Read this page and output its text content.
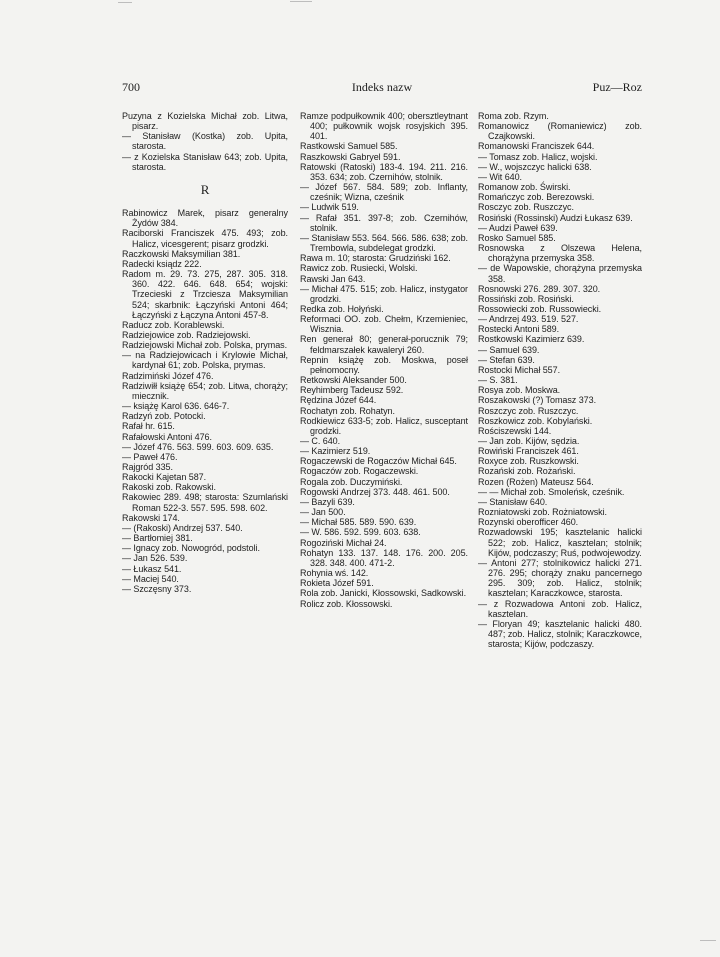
700	Indeks nazw	Puz—Roz

Puzyna z Kozielska Michał zob. Litwa, pisarz.

— Stanisław (Kostka) zob. Upita, starosta.

— z Kozielska Stanisław 643; zob. Upita, starosta.

R

Rabinowicz Marek, pisarz generalny Żydów 384.

Raciborski Franciszek 475. 493; zob. Halicz, vicesgerent; pisarz grodzki.

Raczkowski Maksymilian 381.

Radecki ksiądz 222.

Radom m. 29. 73. 275, 287. 305. 318. 360. 422. 646. 648. 654; wojski: Trzecieski z Trzciesza Maksymilian 524; skarbnik: Łączyński Antoni 464; Łączyński z Łączyna Antoni 457-8.

Raducz zob. Korablewski.

Radziejowice zob. Radziejowski.

Radziejowski Michał zob. Polska, prymas.

— na Radziejowicach i Krylowie Michał, kardynał 61; zob. Polska, prymas.

Radzimiński Józef 476.

Radziwiłł książę 654; zob. Litwa, chorąży; miecznik.

— książę Karol 636. 646-7.

Radzyń zob. Potocki.

Rafał hr. 615.

Rafałowski Antoni 476.

— Józef 476. 563. 599. 603. 609. 635.

— Paweł 476.

Rajgród 335.

Rakocki Kajetan 587.

Rakoski zob. Rakowski.

Rakowiec 289. 498; starosta: Szumlański Roman 522-3. 557. 595. 598. 602.

Rakowski 174.

— (Rakoski) Andrzej 537. 540.

— Bartłomiej 381.

— Ignacy zob. Nowogród, podstoli.

— Jan 526. 539.

— Łukasz 541.

— Maciej 540.

— Szczęsny 373.

Ramze podpułkownik 400; obersztleytnant 400; pułkownik wojsk rosyjskich 395. 401.

Rastkowski Samuel 585.

Raszkowski Gabryel 591.

Ratowski (Ratoski) 183-4. 194. 211. 216. 353. 634; zob. Czernihów, stolnik.

— Józef 567. 584. 589; zob. Inflanty, cześnik; Wizna, cześnik

— Ludwik 519.

— Rafał 351. 397-8; zob. Czernihów, stolnik.

— Stanisław 553. 564. 566. 586. 638; zob. Trembowla, subdelegat grodzki.

Rawa m. 10; starosta: Grudziński 162.

Rawicz zob. Rusiecki, Wolski.

Rawski Jan 643.

— Michał 475. 515; zob. Halicz, instygator grodzki.

Redka zob. Hołyński.

Reformaci OO. zob. Chełm, Krzemieniec, Wisznia.

Ren generał 80; generał-porucznik 79; feldmarszałek kawaleryi 260.

Repnin książę zob. Moskwa, poseł pełnomocny.

Retkowski Aleksander 500.

Reyhimberg Tadeusz 592.

Rędzina Józef 644.

Rochatyn zob. Rohatyn.

Rodkiewicz 633-5; zob. Halicz, susceptant grodzki.

— C. 640.

— Kazimierz 519.

Rogaczewski de Rogaczów Michał 645.

Rogaczów zob. Rogaczewski.

Rogala zob. Duczymiński.

Rogowski Andrzej 373. 448. 461. 500.

— Bazyli 639.

— Jan 500.

— Michał 585. 589. 590. 639.

— W. 586. 592. 599. 603. 638.

Rogoziński Michał 24.

Rohatyn 133. 137. 148. 176. 200. 205. 328. 348. 400. 471-2.

Rohynia wś. 142.

Rokieta Józef 591.

Rola zob. Janicki, Kłossowski, Sadkowski.

Rolicz zob. Kłossowski.

Roma zob. Rzym.

Romanowicz (Romaniewicz) zob. Czajkowski.

Romanowski Franciszek 644.

— Tomasz zob. Halicz, wojski.

— W., wojszczyc halicki 638.

— Wit 640.

Romanow zob. Świrski.

Romańczyc zob. Berezowski.

Rosczyc zob. Ruszczyc.

Rosiński (Rossinski) Audzi Łukasz 639.

— Audzi Paweł 639.

Rosko Samuel 585.

Rosnowska z Olszewa Helena, chorążyna przemyska 358.

— de Wapowskie, chorążyna przemyska 358.

Rosnowski 276. 289. 307. 320.

Rossiński zob. Rosiński.

Rossowiecki zob. Russowiecki.

— Andrzej 493. 519. 527.

Rostecki Antoni 589.

Rostkowski Kazimierz 639.

— Samuel 639.

— Stefan 639.

Rostocki Michał 557.

— S. 381.

Rosya zob. Moskwa.

Roszakowski (?) Tomasz 373.

Roszczyc zob. Ruszczyc.

Roszkowicz zob. Kobylański.

Rościszewski 144.

— Jan zob. Kijów, sędzia.

Rowiński Franciszek 461.

Roxyce zob. Ruszkowski.

Rozański zob. Rożański.

Rozen (Rożen) Mateusz 564.

— — Michał zob. Smoleńsk, cześnik.

— Stanisław 640.

Rozniatowski zob. Rożniatowski.

Rozynski oberofficer 460.

Rozwadowski 195; kasztelanic halicki 522; zob. Halicz, kasztelan; stolnik; Kijów, podczaszy; Ruś, podwojewodzy.

— Antoni 277; stolnikowicz halicki 271. 276. 295; chorąży znaku pancernego 295. 309; zob. Halicz, stolnik; kasztelan; Karaczkowce, starosta.

— z Rozwadowa Antoni zob. Halicz, kasztelan.

— Floryan 49; kasztelanic halicki 480. 487; zob. Halicz, stolnik; Karaczkowce, starosta; Kijów, podczaszy.
